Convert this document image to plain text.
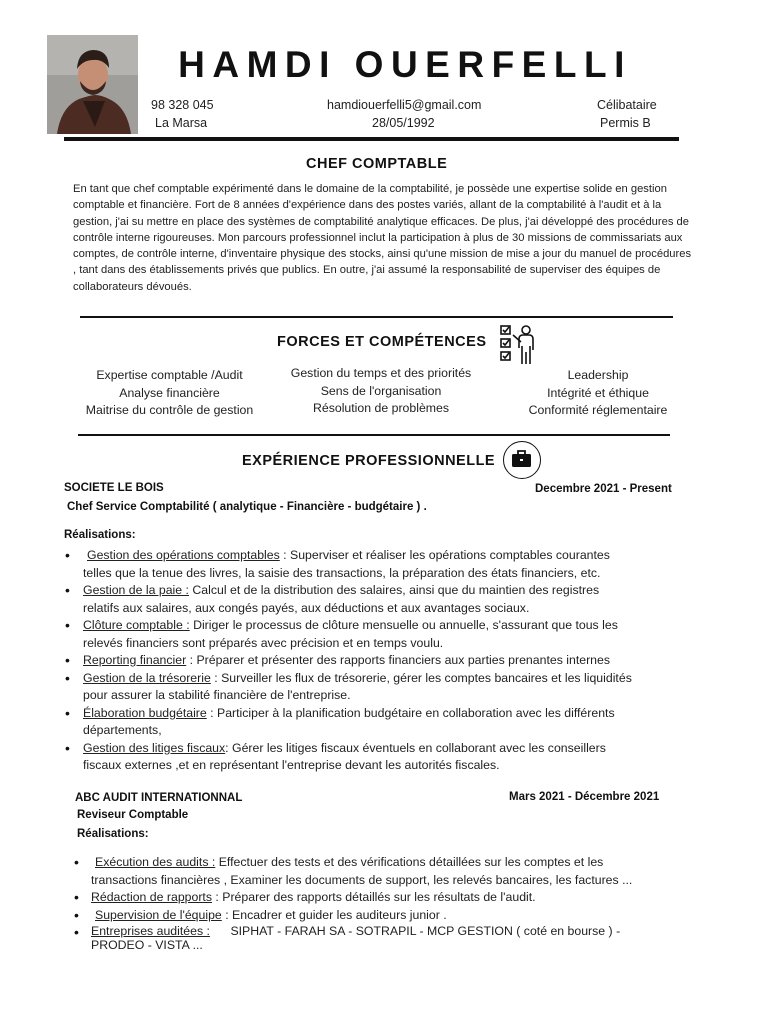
HAMDI OUERFELLI
98 328 045	hamdiouerfelli5@gmail.com	Célibataire
La Marsa	28/05/1992	Permis B
CHEF COMPTABLE
En tant que chef comptable expérimenté dans le domaine de la comptabilité, je possède une expertise solide en gestion comptable et financière. Fort de 8 années d'expérience dans des postes variés, allant de la comptabilité à l'audit et à la gestion, j'ai su mettre en place des systèmes de comptabilité analytique efficaces. De plus, j'ai développé des procédures de contrôle interne rigoureuses. Mon parcours professionnel inclut la participation à plus de 30 missions de commissariats aux comptes, de contrôle interne, d'inventaire physique des stocks, ainsi qu'une mission de mise a jour du manuel de procédures , tant dans des établissements privés que publics. En outre, j'ai assumé la responsabilité de superviser des équipes de collaborateurs dévoués.
FORCES ET COMPÉTENCES
Expertise comptable /Audit
Analyse financière
Maitrise du contrôle de gestion
Gestion du temps et des priorités
Sens de l'organisation
Résolution de problèmes
Leadership
Intégrité et éthique
Conformité réglementaire
EXPÉRIENCE PROFESSIONNELLE
SOCIETE LE BOIS	Decembre 2021 - Present
Chef Service Comptabilité ( analytique - Financière - budgétaire ) .
Réalisations:
•	Gestion des opérations comptables : Superviser et réaliser les opérations comptables courantes
telles que la tenue des livres, la saisie des transactions, la préparation des états financiers, etc.
•	Gestion de la paie : Calcul et de la distribution des salaires, ainsi que du maintien des registres
relatifs aux salaires, aux congés payés, aux déductions et aux avantages sociaux.
•	Clôture comptable : Diriger le processus de clôture mensuelle ou annuelle, s'assurant que tous les
relevés financiers sont préparés avec précision et en temps voulu.
•	Reporting financier : Préparer et présenter des rapports financiers aux parties prenantes internes
•	Gestion de la trésorerie : Surveiller les flux de trésorerie, gérer les comptes bancaires et les liquidités
pour assurer la stabilité financière de l'entreprise.
•	Élaboration budgétaire : Participer à la planification budgétaire en collaboration avec les différents
départements,
•	Gestion des litiges fiscaux: Gérer les litiges fiscaux éventuels en collaborant avec les conseillers
fiscaux externes ,et en représentant l'entreprise devant les autorités fiscales.
ABC AUDIT INTERNATIONNAL	Mars 2021 - Décembre 2021
Reviseur Comptable
Réalisations:
•	Exécution des audits : Effectuer des tests et des vérifications détaillées sur les comptes et les
transactions financières , Examiner les documents de support, les relevés bancaires, les factures ...
• Rédaction de rapports : Préparer des rapports détaillés sur les résultats de l'audit.
•	Supervision de l'équipe : Encadrer et guider les auditeurs junior .
• Entreprises auditées : SIPHAT - FARAH SA - SOTRAPIL - MCP GESTION ( coté en bourse ) -
PRODEO - VISTA ...
